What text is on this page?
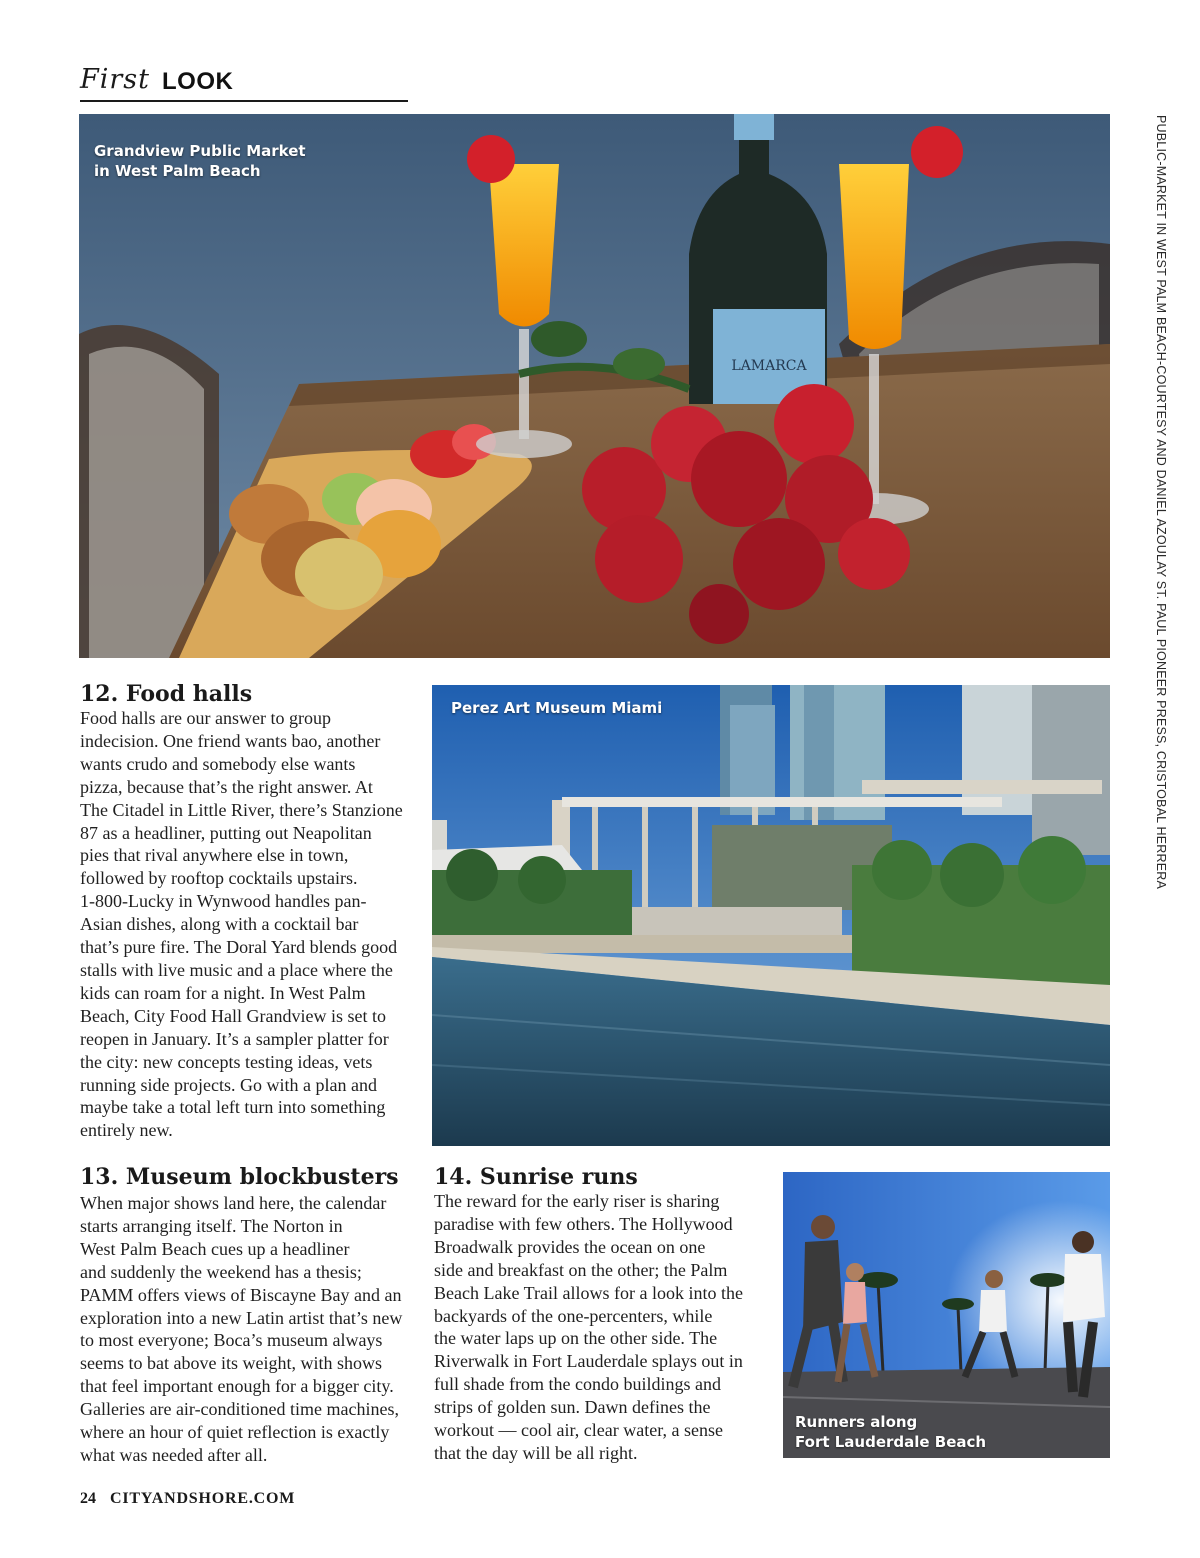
First LOOK
PUBLIC-MARKET IN WEST PALM BEACH-COURTESY AND DANIEL AZOULAY ST. PAUL PIONEER PRESS, CRISTOBAL HERRERA
LAMARCA
Grandview Public Market
in West Palm Beach
12. Food halls
Food halls are our answer to group
indecision. One friend wants bao, another
wants crudo and somebody else wants
pizza, because that’s the right answer. At
The Citadel in Little River, there’s Stanzione
87 as a headliner, putting out Neapolitan
pies that rival anywhere else in town,
followed by rooftop cocktails upstairs.
1-800-Lucky in Wynwood handles pan-
Asian dishes, along with a cocktail bar
that’s pure fire. The Doral Yard blends good
stalls with live music and a place where the
kids can roam for a night. In West Palm
Beach, City Food Hall Grandview is set to
reopen in January. It’s a sampler platter for
the city: new concepts testing ideas, vets
running side projects. Go with a plan and
maybe take a total left turn into something
entirely new.
Perez Art Museum Miami
13. Museum blockbusters
When major shows land here, the calendar
starts arranging itself. The Norton in
West Palm Beach cues up a headliner
and suddenly the weekend has a thesis;
PAMM offers views of Biscayne Bay and an
exploration into a new Latin artist that’s new
to most everyone; Boca’s museum always
seems to bat above its weight, with shows
that feel important enough for a bigger city.
Galleries are air-conditioned time machines,
where an hour of quiet reflection is exactly
what was needed after all.
14. Sunrise runs
The reward for the early riser is sharing
paradise with few others. The Hollywood
Broadwalk provides the ocean on one
side and breakfast on the other; the Palm
Beach Lake Trail allows for a look into the
backyards of the one-percenters, while
the water laps up on the other side. The
Riverwalk in Fort Lauderdale splays out in
full shade from the condo buildings and
strips of golden sun. Dawn defines the
workout — cool air, clear water, a sense
that the day will be all right.
Runners along
Fort Lauderdale Beach
24 CITYANDSHORE.COM
